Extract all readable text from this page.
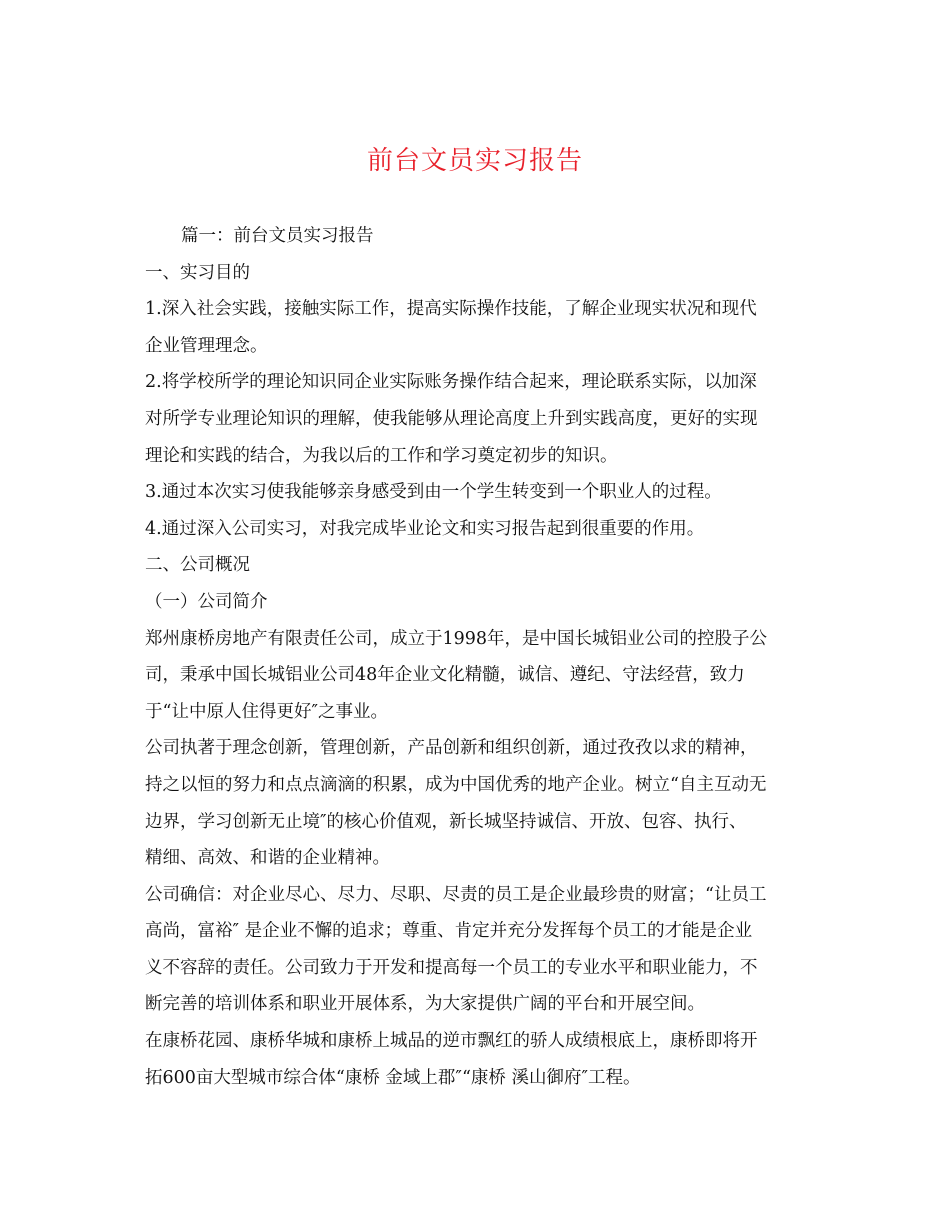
前台文员实习报告
篇一：前台文员实习报告
一、实习目的
1.深入社会实践，接触实际工作，提高实际操作技能，了解企业现实状况和现代
企业管理理念。
2.将学校所学的理论知识同企业实际账务操作结合起来，理论联系实际，以加深
对所学专业理论知识的理解，使我能够从理论高度上升到实践高度，更好的实现
理论和实践的结合，为我以后的工作和学习奠定初步的知识。
3.通过本次实习使我能够亲身感受到由一个学生转变到一个职业人的过程。
4.通过深入公司实习，对我完成毕业论文和实习报告起到很重要的作用。
二、公司概况
（一）公司简介
郑州康桥房地产有限责任公司，成立于1998年，是中国长城铝业公司的控股子公
司，秉承中国长城铝业公司48年企业文化精髓，诚信、遵纪、守法经营，致力
于“让中原人住得更好″之事业。
公司执著于理念创新，管理创新，产品创新和组织创新，通过孜孜以求的精神，
持之以恒的努力和点点滴滴的积累，成为中国优秀的地产企业。树立“自主互动无
边界，学习创新无止境″的核心价值观，新长城坚持诚信、开放、包容、执行、
精细、高效、和谐的企业精神。
公司确信：对企业尽心、尽力、尽职、尽责的员工是企业最珍贵的财富；“让员工
高尚，富裕″ 是企业不懈的追求；尊重、肯定并充分发挥每个员工的才能是企业
义不容辞的责任。公司致力于开发和提高每一个员工的专业水平和职业能力，不
断完善的培训体系和职业开展体系，为大家提供广阔的平台和开展空间。
在康桥花园、康桥华城和康桥上城品的逆市飘红的骄人成绩根底上，康桥即将开
拓600亩大型城市综合体“康桥 金域上郡″“康桥 溪山御府″工程。
